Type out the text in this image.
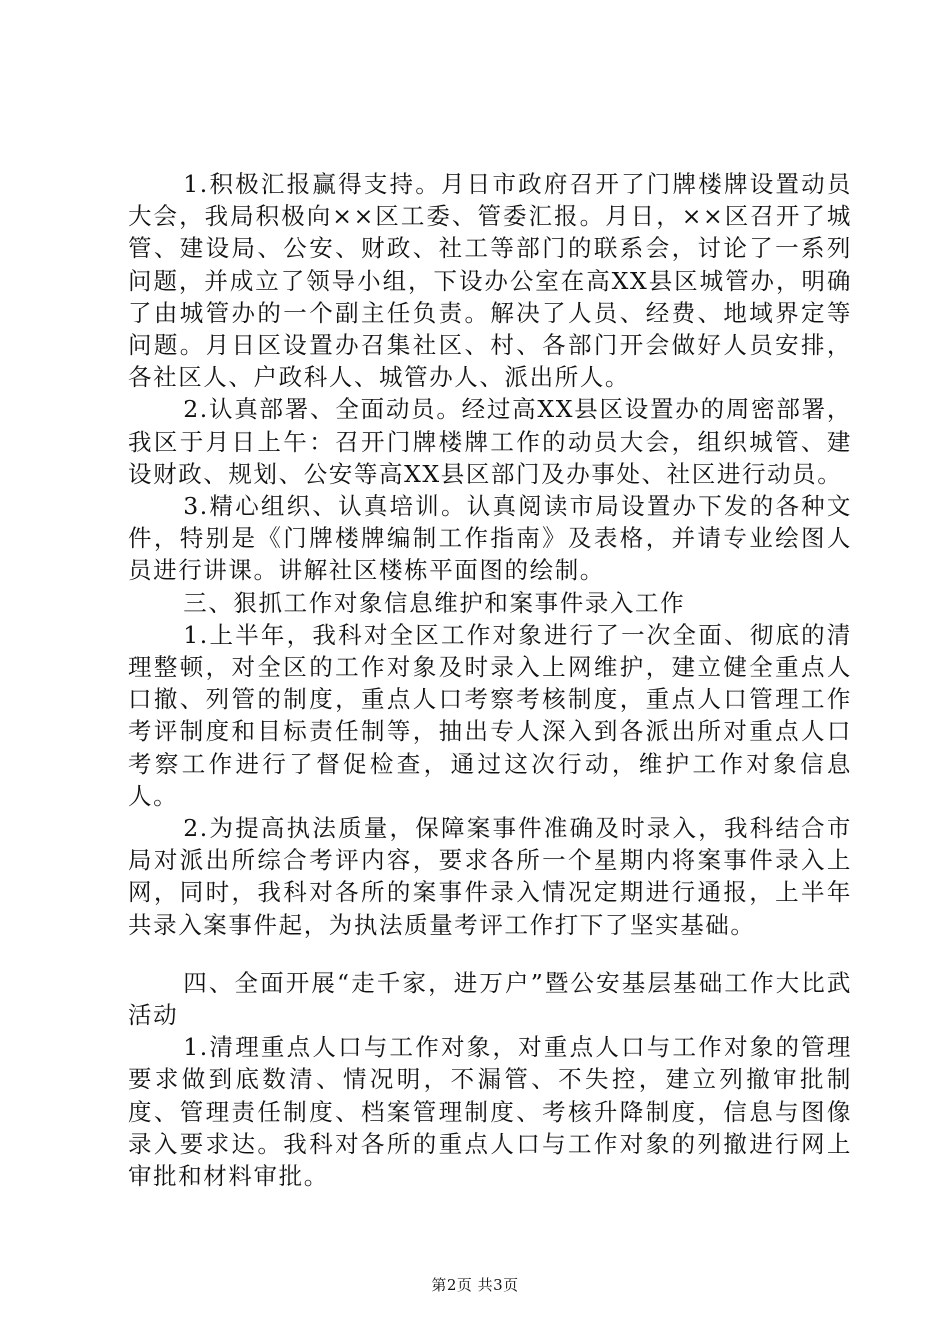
1.积极汇报赢得支持。月日市政府召开了门牌楼牌设置动员大会，我局积极向××区工委、管委汇报。月日，××区召开了城管、建设局、公安、财政、社工等部门的联系会，讨论了一系列问题，并成立了领导小组，下设办公室在高XX县区城管办，明确了由城管办的一个副主任负责。解决了人员、经费、地域界定等问题。月日区设置办召集社区、村、各部门开会做好人员安排，各社区人、户政科人、城管办人、派出所人。

2.认真部署、全面动员。经过高XX县区设置办的周密部署，我区于月日上午：召开门牌楼牌工作的动员大会，组织城管、建设财政、规划、公安等高XX县区部门及办事处、社区进行动员。

3.精心组织、认真培训。认真阅读市局设置办下发的各种文件，特别是《门牌楼牌编制工作指南》及表格，并请专业绘图人员进行讲课。讲解社区楼栋平面图的绘制。

三、狠抓工作对象信息维护和案事件录入工作

1.上半年，我科对全区工作对象进行了一次全面、彻底的清理整顿，对全区的工作对象及时录入上网维护，建立健全重点人口撤、列管的制度，重点人口考察考核制度，重点人口管理工作考评制度和目标责任制等，抽出专人深入到各派出所对重点人口考察工作进行了督促检查，通过这次行动，维护工作对象信息人。

2.为提高执法质量，保障案事件准确及时录入，我科结合市局对派出所综合考评内容，要求各所一个星期内将案事件录入上网，同时，我科对各所的案事件录入情况定期进行通报，上半年共录入案事件起，为执法质量考评工作打下了坚实基础。

四、全面开展“走千家，进万户”暨公安基层基础工作大比武活动

1.清理重点人口与工作对象，对重点人口与工作对象的管理要求做到底数清、情况明，不漏管、不失控，建立列撤审批制度、管理责任制度、档案管理制度、考核升降制度，信息与图像录入要求达。我科对各所的重点人口与工作对象的列撤进行网上审批和材料审批。

第2页 共3页
